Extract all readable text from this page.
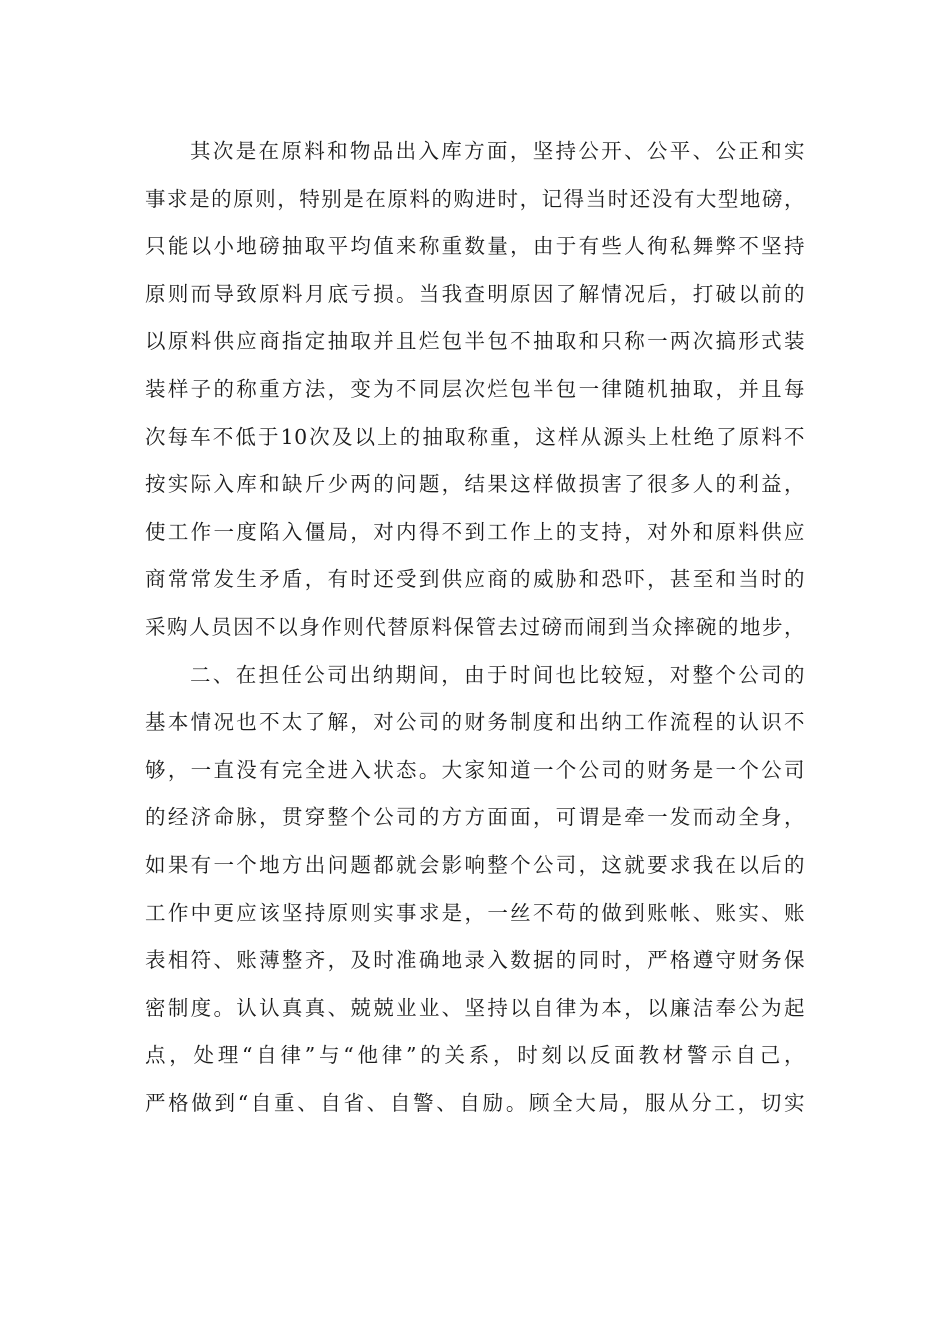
其次是在原料和物品出入库方面，坚持公开、公平、公正和实
事求是的原则，特别是在原料的购进时，记得当时还没有大型地磅，
只能以小地磅抽取平均值来称重数量，由于有些人徇私舞弊不坚持
原则而导致原料月底亏损。当我查明原因了解情况后，打破以前的
以原料供应商指定抽取并且烂包半包不抽取和只称一两次搞形式装
装样子的称重方法，变为不同层次烂包半包一律随机抽取，并且每
次每车不低于10次及以上的抽取称重，这样从源头上杜绝了原料不
按实际入库和缺斤少两的问题，结果这样做损害了很多人的利益，
使工作一度陷入僵局，对内得不到工作上的支持，对外和原料供应
商常常发生矛盾，有时还受到供应商的威胁和恐吓，甚至和当时的
采购人员因不以身作则代替原料保管去过磅而闹到当众摔碗的地步，
二、在担任公司出纳期间，由于时间也比较短，对整个公司的
基本情况也不太了解，对公司的财务制度和出纳工作流程的认识不
够，一直没有完全进入状态。大家知道一个公司的财务是一个公司
的经济命脉，贯穿整个公司的方方面面，可谓是牵一发而动全身，
如果有一个地方出问题都就会影响整个公司，这就要求我在以后的
工作中更应该坚持原则实事求是，一丝不苟的做到账帐、账实、账
表相符、账薄整齐，及时准确地录入数据的同时，严格遵守财务保
密制度。认认真真、兢兢业业、坚持以自律为本，以廉洁奉公为起
点，处理“自律”与“他律”的关系，时刻以反面教材警示自己，
严格做到“自重、自省、自警、自励。顾全大局，服从分工，切实
